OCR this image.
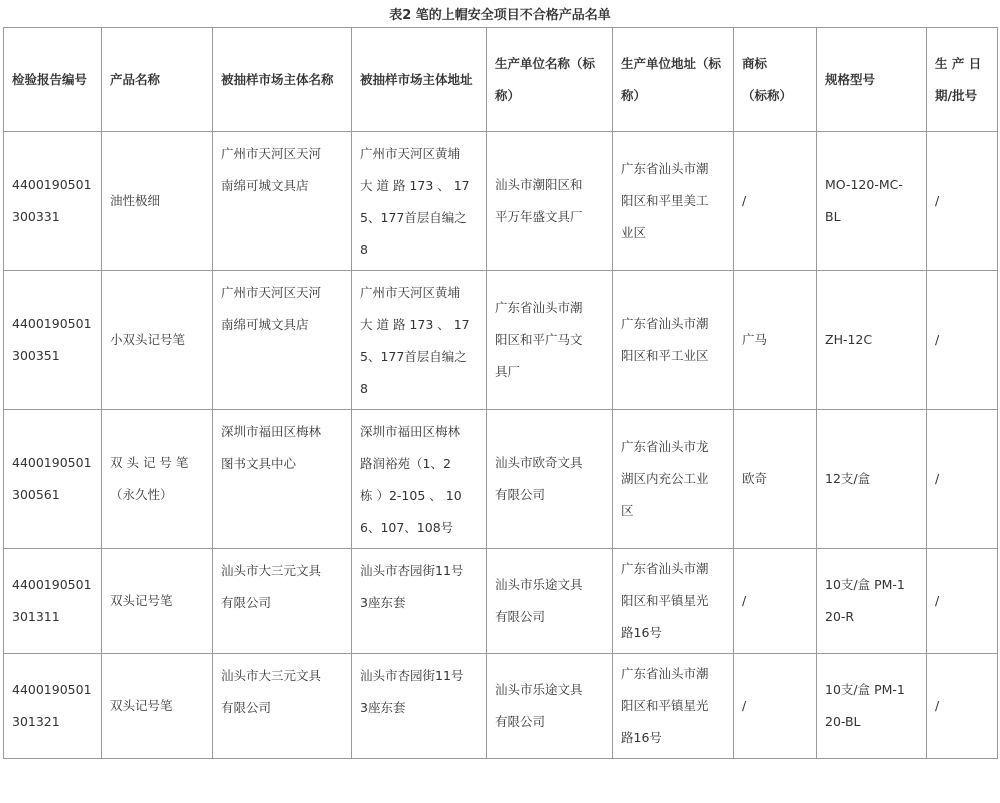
表2 笔的上帽安全项目不合格产品名单
检验报告编号	产品名称	被抽样市场主体名称	被抽样市场主体地址	生产单位名称（标称）	生产单位地址（标称）	商标（标称）	规格型号	生 产 日期/批号

4400190501
300331	油性极细	广州市天河区天河
南绵可城文具店	广州市天河区黄埔
大 道 路 173 、 17
5、177首层自编之
8	汕头市潮阳区和
平万年盛文具厂	广东省汕头市潮
阳区和平里美工
业区	/	MO-120-MC-
BL	/

4400190501
300351	小双头记号笔	广州市天河区天河
南绵可城文具店	广州市天河区黄埔
大 道 路 173 、 17
5、177首层自编之
8	广东省汕头市潮
阳区和平广马文
具厂	广东省汕头市潮
阳区和平工业区	广马	ZH-12C	/

4400190501
300561	双 头 记 号 笔
（永久性）	深圳市福田区梅林
图书文具中心	深圳市福田区梅林
路润裕苑（1、2
栋 ）2-105 、 10
6、107、108号	汕头市欧奇文具
有限公司	广东省汕头市龙
湖区内充公工业
区	欧奇	12支/盒	/

4400190501
301311	双头记号笔	汕头市大三元文具
有限公司	汕头市杏园街11号
3座东套	汕头市乐途文具
有限公司	广东省汕头市潮
阳区和平镇星光
路16号	/	10支/盒 PM-1
20-R	/

4400190501
301321	双头记号笔	汕头市大三元文具
有限公司	汕头市杏园街11号
3座东套	汕头市乐途文具
有限公司	广东省汕头市潮
阳区和平镇星光
路16号	/	10支/盒 PM-1
20-BL	/
